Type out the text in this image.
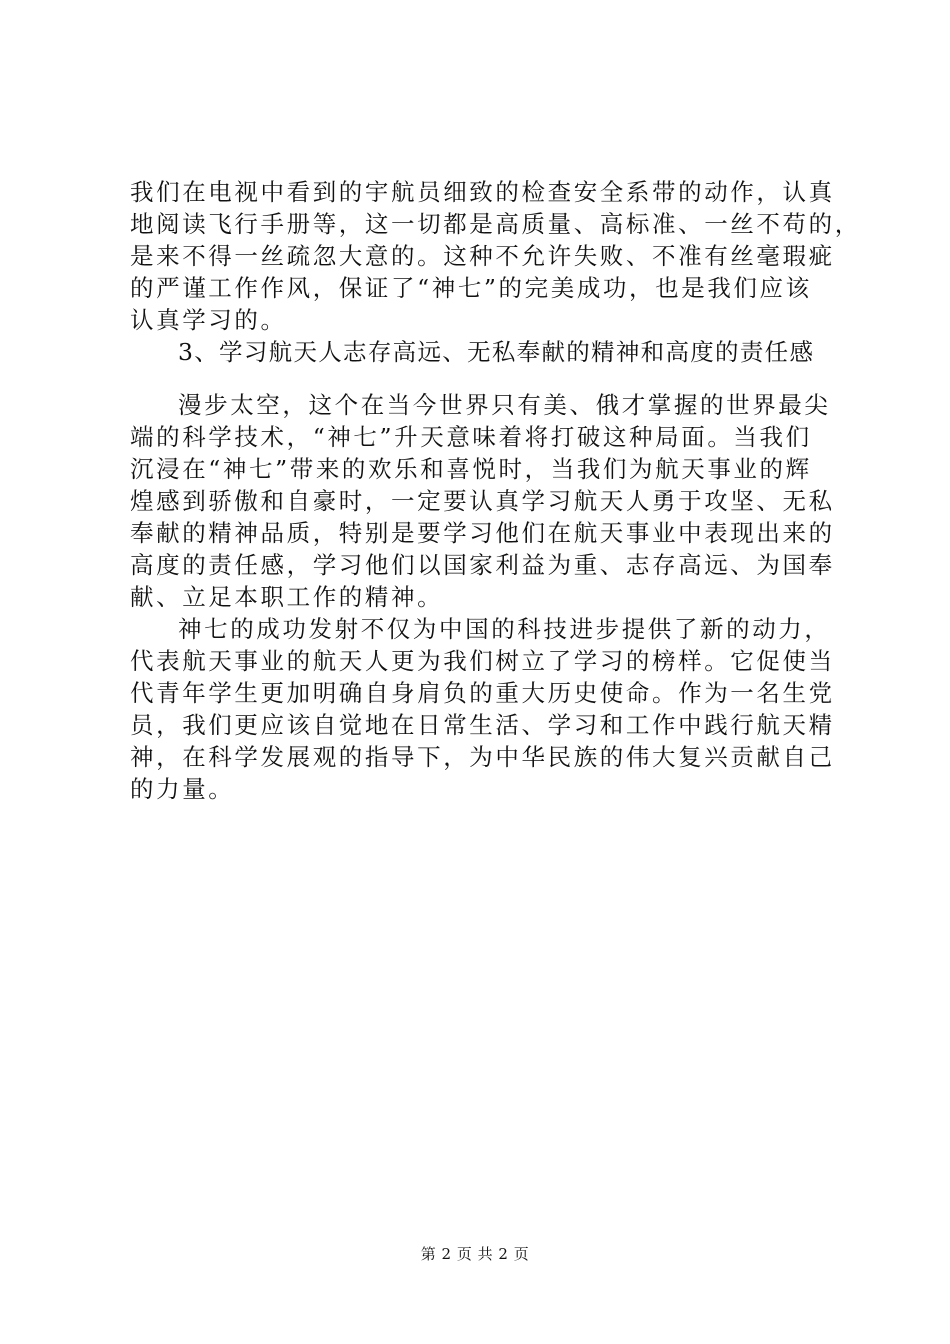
我们在电视中看到的宇航员细致的检查安全系带的动作，认真
地阅读飞行手册等，这一切都是高质量、高标准、一丝不苟的，
是来不得一丝疏忽大意的。这种不允许失败、不准有丝毫瑕疵
的严谨工作作风，保证了“神七”的完美成功，也是我们应该
认真学习的。
3、学习航天人志存高远、无私奉献的精神和高度的责任感
漫步太空，这个在当今世界只有美、俄才掌握的世界最尖
端的科学技术，“神七”升天意味着将打破这种局面。当我们
沉浸在“神七”带来的欢乐和喜悦时，当我们为航天事业的辉
煌感到骄傲和自豪时，一定要认真学习航天人勇于攻坚、无私
奉献的精神品质，特别是要学习他们在航天事业中表现出来的
高度的责任感，学习他们以国家利益为重、志存高远、为国奉
献、立足本职工作的精神。
神七的成功发射不仅为中国的科技进步提供了新的动力，
代表航天事业的航天人更为我们树立了学习的榜样。它促使当
代青年学生更加明确自身肩负的重大历史使命。作为一名生党
员，我们更应该自觉地在日常生活、学习和工作中践行航天精
神，在科学发展观的指导下，为中华民族的伟大复兴贡献自己
的力量。
第 2 页 共 2 页
